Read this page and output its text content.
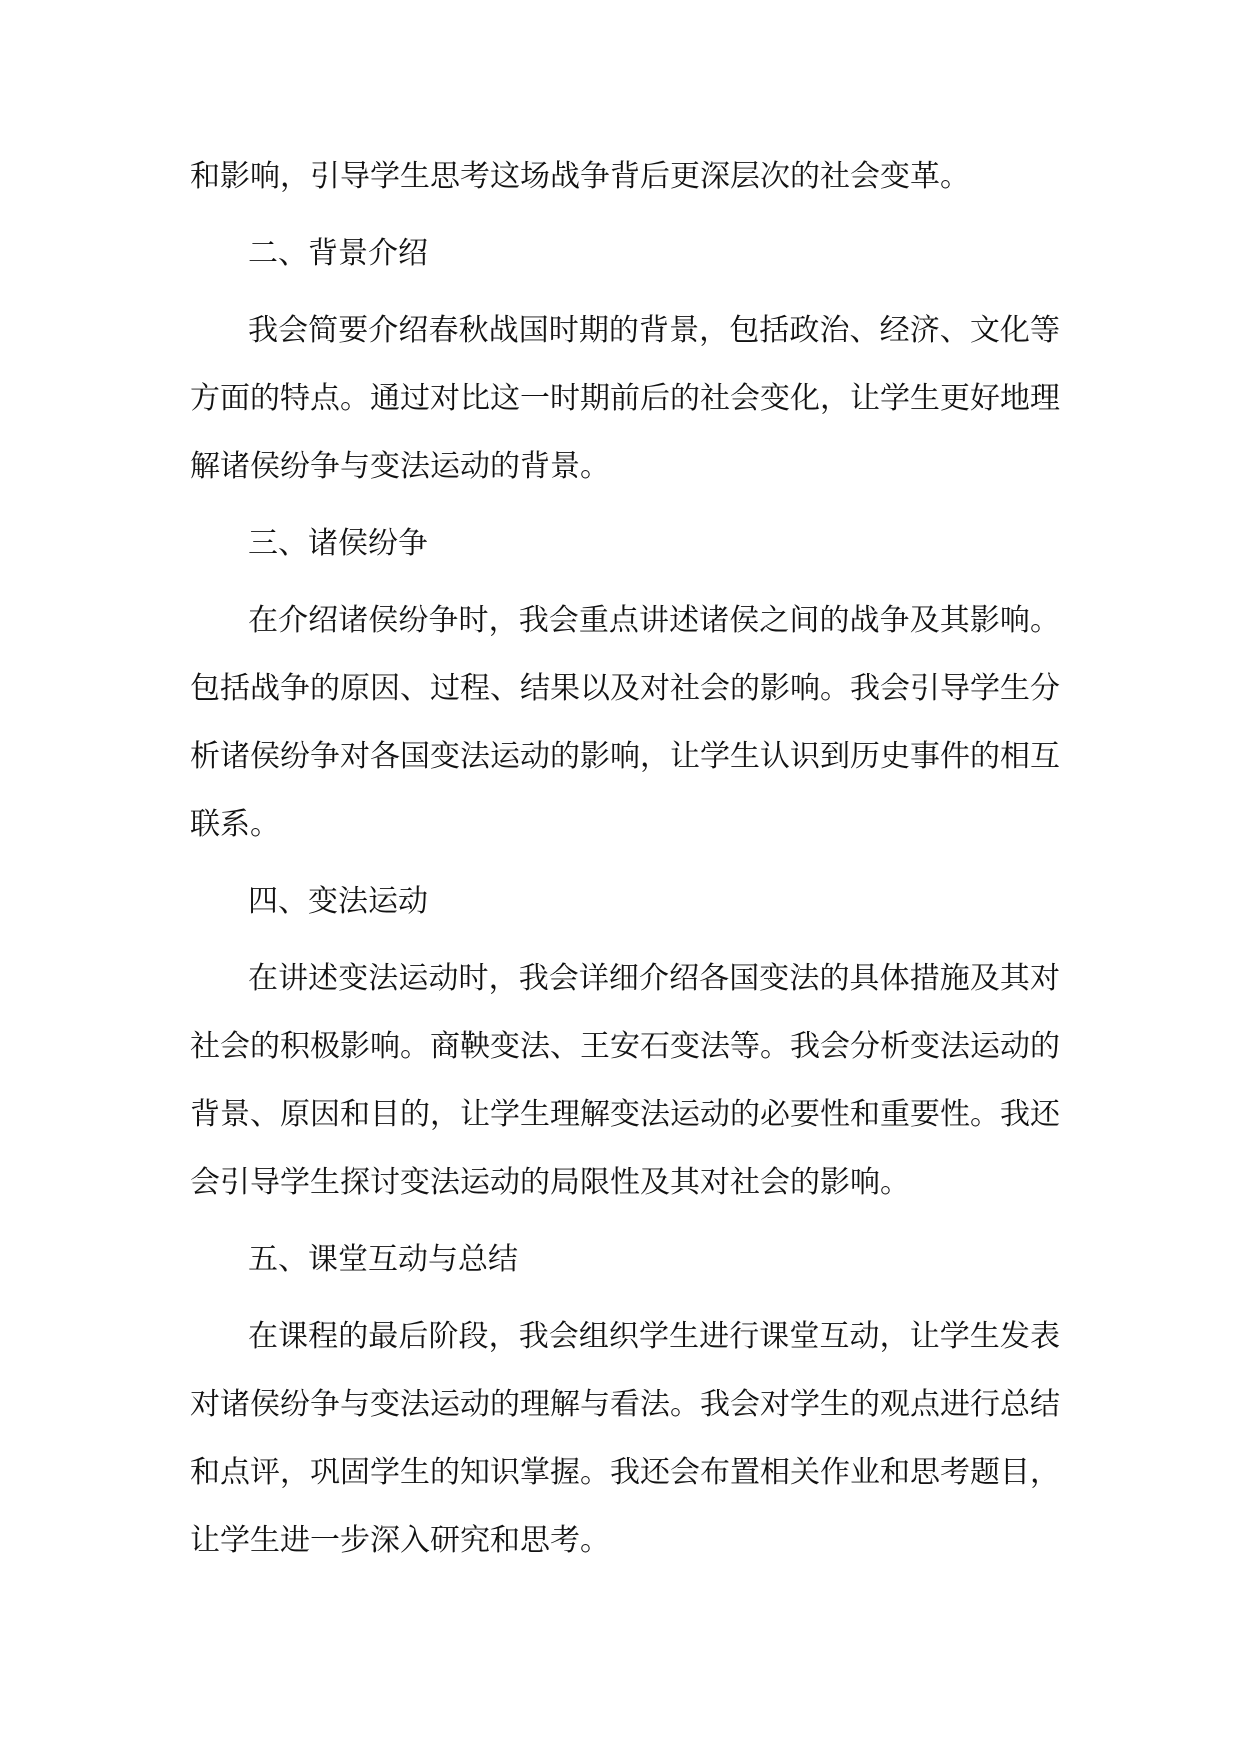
和影响，引导学生思考这场战争背后更深层次的社会变革。

二、背景介绍

我会简要介绍春秋战国时期的背景，包括政治、经济、文化等方面的特点。通过对比这一时期前后的社会变化，让学生更好地理解诸侯纷争与变法运动的背景。

三、诸侯纷争

在介绍诸侯纷争时，我会重点讲述诸侯之间的战争及其影响。包括战争的原因、过程、结果以及对社会的影响。我会引导学生分析诸侯纷争对各国变法运动的影响，让学生认识到历史事件的相互联系。

四、变法运动

在讲述变法运动时，我会详细介绍各国变法的具体措施及其对社会的积极影响。商鞅变法、王安石变法等。我会分析变法运动的背景、原因和目的，让学生理解变法运动的必要性和重要性。我还会引导学生探讨变法运动的局限性及其对社会的影响。

五、课堂互动与总结

在课程的最后阶段，我会组织学生进行课堂互动，让学生发表对诸侯纷争与变法运动的理解与看法。我会对学生的观点进行总结和点评，巩固学生的知识掌握。我还会布置相关作业和思考题目，让学生进一步深入研究和思考。
